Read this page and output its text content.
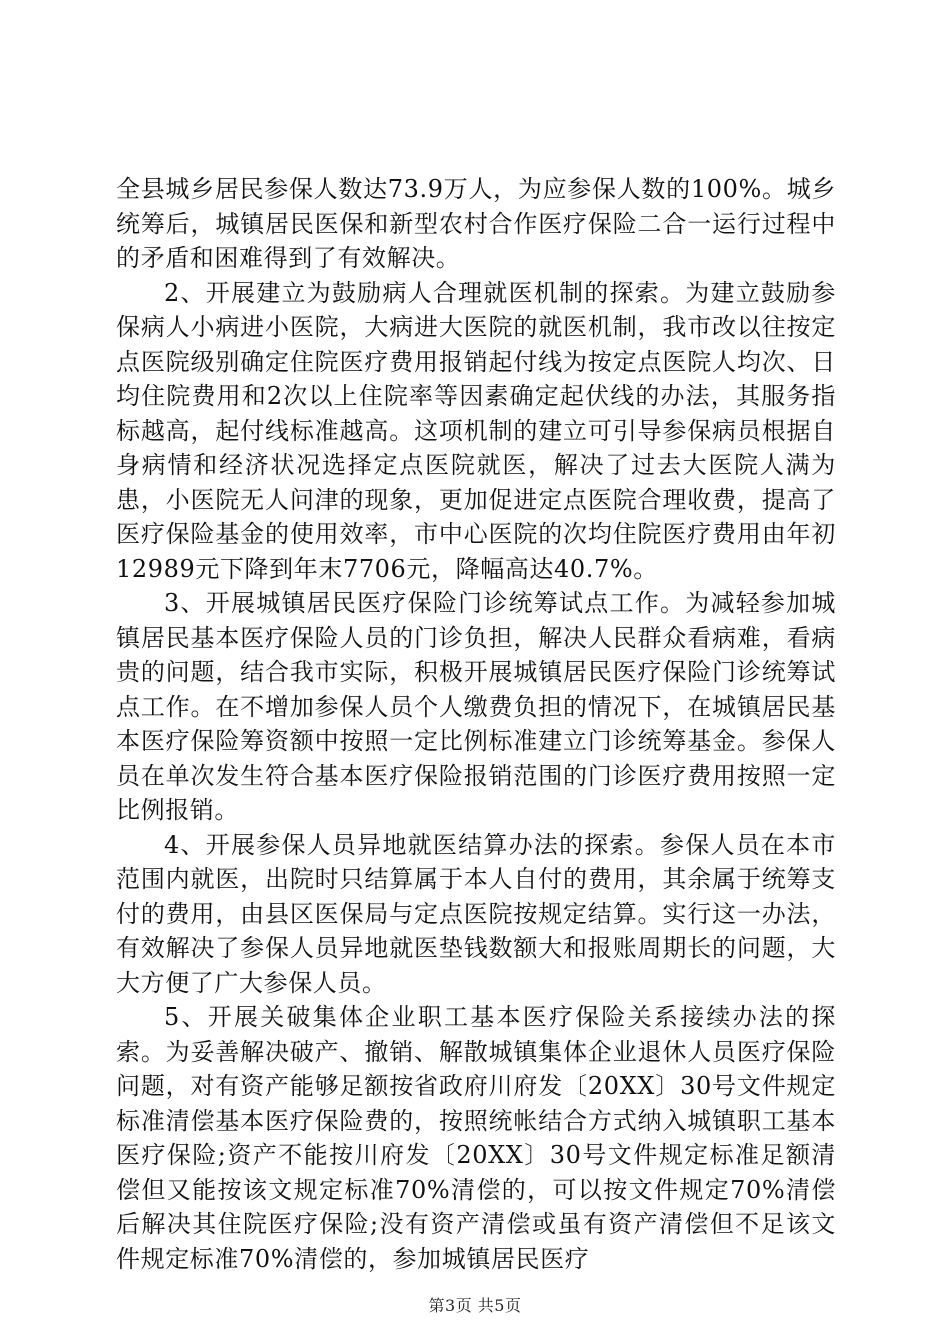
全县城乡居民参保人数达73.9万人，为应参保人数的100%。城乡统筹后，城镇居民医保和新型农村合作医疗保险二合一运行过程中的矛盾和困难得到了有效解决。

2、开展建立为鼓励病人合理就医机制的探索。为建立鼓励参保病人小病进小医院，大病进大医院的就医机制，我市改以往按定点医院级别确定住院医疗费用报销起付线为按定点医院人均次、日均住院费用和2次以上住院率等因素确定起伏线的办法，其服务指标越高，起付线标准越高。这项机制的建立可引导参保病员根据自身病情和经济状况选择定点医院就医，解决了过去大医院人满为患，小医院无人问津的现象，更加促进定点医院合理收费，提高了医疗保险基金的使用效率，市中心医院的次均住院医疗费用由年初12989元下降到年末7706元，降幅高达40.7%。

3、开展城镇居民医疗保险门诊统筹试点工作。为减轻参加城镇居民基本医疗保险人员的门诊负担，解决人民群众看病难，看病贵的问题，结合我市实际，积极开展城镇居民医疗保险门诊统筹试点工作。在不增加参保人员个人缴费负担的情况下，在城镇居民基本医疗保险筹资额中按照一定比例标准建立门诊统筹基金。参保人员在单次发生符合基本医疗保险报销范围的门诊医疗费用按照一定比例报销。

4、开展参保人员异地就医结算办法的探索。参保人员在本市范围内就医，出院时只结算属于本人自付的费用，其余属于统筹支付的费用，由县区医保局与定点医院按规定结算。实行这一办法，有效解决了参保人员异地就医垫钱数额大和报账周期长的问题，大大方便了广大参保人员。

5、开展关破集体企业职工基本医疗保险关系接续办法的探索。为妥善解决破产、撤销、解散城镇集体企业退休人员医疗保险问题，对有资产能够足额按省政府川府发〔20XX〕30号文件规定标准清偿基本医疗保险费的，按照统帐结合方式纳入城镇职工基本医疗保险;资产不能按川府发〔20XX〕30号文件规定标准足额清偿但又能按该文规定标准70%清偿的，可以按文件规定70%清偿后解决其住院医疗保险;没有资产清偿或虽有资产清偿但不足该文件规定标准70%清偿的，参加城镇居民医疗

第3页 共5页
